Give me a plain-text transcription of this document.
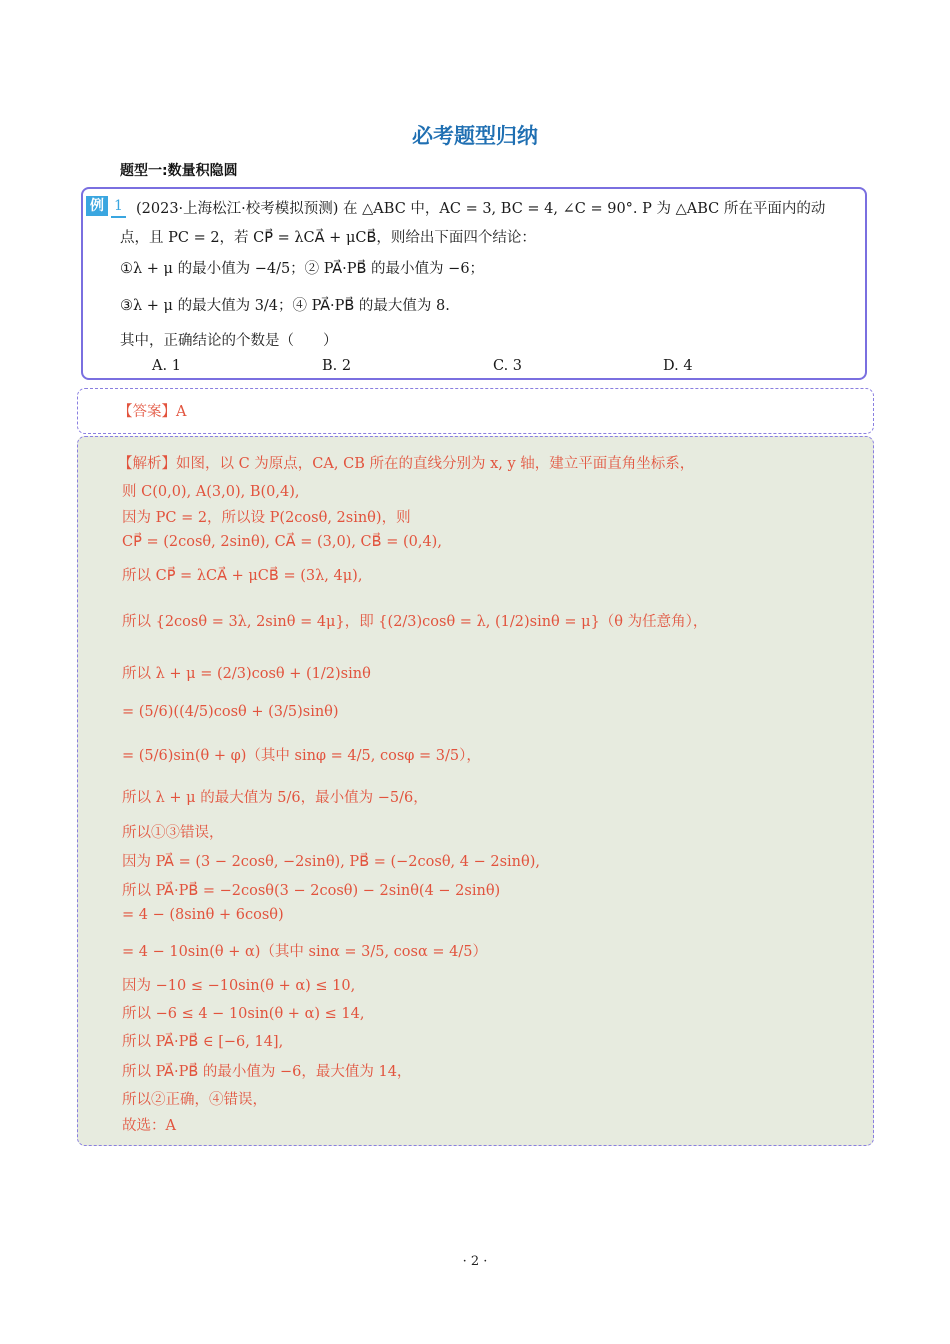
必考题型归纳
题型一:数量积隐圆
例 1 (2023·上海松江·校考模拟预测) 在 △ABC 中，AC = 3, BC = 4, ∠C = 90°. P 为 △ABC 所在平面内的动
点，且 PC = 2，若 CP⃗ = λCA⃗ + μCB⃗，则给出下面四个结论：
①λ + μ 的最小值为 −4/5；② PA⃗·PB⃗ 的最小值为 −6；
③λ + μ 的最大值为 3/4；④ PA⃗·PB⃗ 的最大值为 8.
其中，正确结论的个数是（　　）
A. 1	B. 2	C. 3	D. 4
【答案】A
【解析】如图，以 C 为原点，CA, CB 所在的直线分别为 x, y 轴，建立平面直角坐标系，
则 C(0,0), A(3,0), B(0,4),
因为 PC = 2，所以设 P(2cosθ, 2sinθ)，则
CP⃗ = (2cosθ, 2sinθ), CA⃗ = (3,0), CB⃗ = (0,4),
所以 CP⃗ = λCA⃗ + μCB⃗ = (3λ, 4μ),
所以 {2cosθ = 3λ, 2sinθ = 4μ}，即 {(2/3)cosθ = λ, (1/2)sinθ = μ}（θ 为任意角），
所以 λ + μ = (2/3)cosθ + (1/2)sinθ
= (5/6)((4/5)cosθ + (3/5)sinθ)
= (5/6)sin(θ + φ)（其中 sinφ = 4/5, cosφ = 3/5），
所以 λ + μ 的最大值为 5/6，最小值为 −5/6，
所以①③错误，
因为 PA⃗ = (3 − 2cosθ, −2sinθ), PB⃗ = (−2cosθ, 4 − 2sinθ),
所以 PA⃗·PB⃗ = −2cosθ(3 − 2cosθ) − 2sinθ(4 − 2sinθ)
= 4 − (8sinθ + 6cosθ)
= 4 − 10sin(θ + α)（其中 sinα = 3/5, cosα = 4/5）
因为 −10 ≤ −10sin(θ + α) ≤ 10,
所以 −6 ≤ 4 − 10sin(θ + α) ≤ 14,
所以 PA⃗·PB⃗ ∈ [−6, 14],
所以 PA⃗·PB⃗ 的最小值为 −6，最大值为 14，
所以②正确，④错误，
故选：A
· 2 ·
